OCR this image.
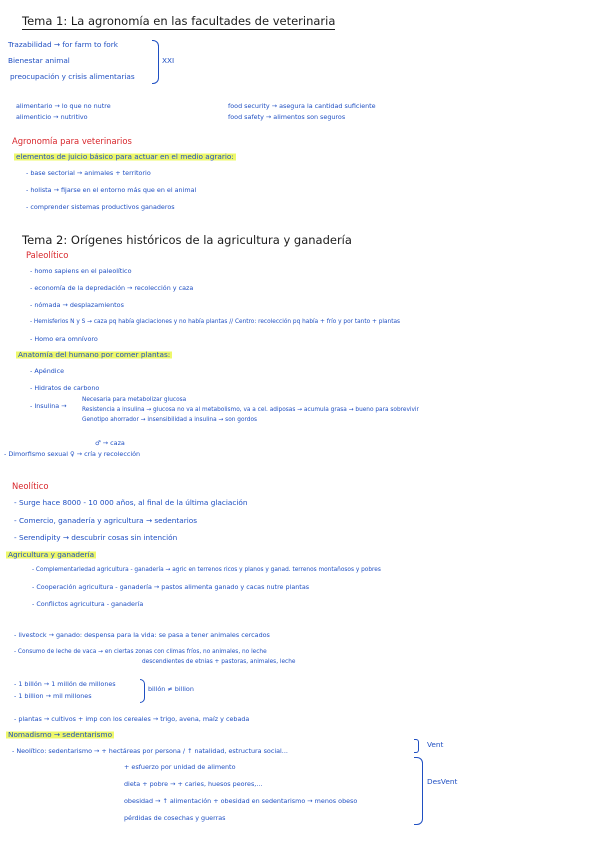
Tema 1: La agronomía en las facultades de veterinaria
Trazabilidad → for farm to fork
Bienestar animal
preocupación y crisis alimentarias
XXI
alimentario → lo que no nutre
alimenticio → nutritivo
food security → asegura la cantidad suficiente
food safety → alimentos son seguros
Agronomía para veterinarios
elementos de juicio básico para actuar en el medio agrario:
- base sectorial → animales + territorio
- holista → fijarse en el entorno más que en el animal
- comprender sistemas productivos ganaderos
Tema 2: Orígenes históricos de la agricultura y ganadería
Paleolítico
- homo sapiens en el paleolítico
- economía de la depredación → recolección y caza
- nómada → desplazamientos
- Hemisferios N y S → caza pq había glaciaciones y no había plantas // Centro: recolección pq había + frío y por tanto + plantas
- Homo era omnívoro
Anatomía del humano por comer plantas:
- Apéndice
- Hidratos de carbono
- Insulina →
Necesaria para metabolizar glucosa
Resistencia a insulina → glucosa no va al metabolismo, va a cel. adiposas → acumula grasa → bueno para sobrevivir
Genotipo ahorrador → insensibilidad a insulina → son gordos
♂ → caza
- Dimorfismo sexual ♀ → cría y recolección
Neolítico
- Surge hace 8000 - 10 000 años, al final de la última glaciación
- Comercio, ganadería y agricultura → sedentarios
- Serendipity → descubrir cosas sin intención
Agricultura y ganadería
- Complementariedad agricultura - ganadería → agric en terrenos ricos y planos y ganad. terrenos montañosos y pobres
- Cooperación agricultura - ganadería → pastos alimenta ganado y cacas nutre plantas
- Conflictos agricultura - ganadería
- livestock → ganado: despensa para la vida: se pasa a tener animales cercados
- Consumo de leche de vaca → en ciertas zonas con climas fríos, no animales, no leche
descendientes de etnias + pastoras, animales, leche
- 1 billón → 1 millón de millones
- 1 billion → mil millones
billón ≠ billion
- plantas → cultivos + imp con los cereales → trigo, avena, maíz y cebada
Nomadismo → sedentarismo
- Neolítico: sedentarismo → + hectáreas por persona / ↑ natalidad, estructura social...
+ esfuerzo por unidad de alimento
dieta + pobre → + caries, huesos peores,...
obesidad → ↑ alimentación + obesidad en sedentarismo → menos obeso
pérdidas de cosechas y guerras
Vent
DesVent
